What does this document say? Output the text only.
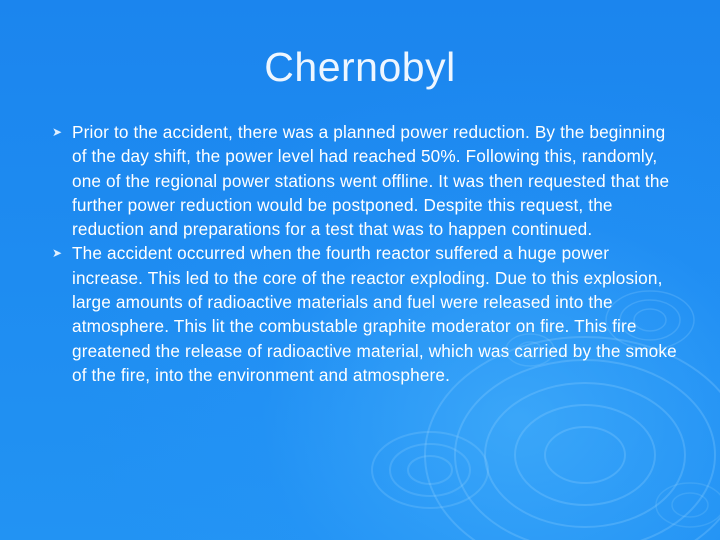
Chernobyl
➤ Prior to the accident, there was a planned power reduction. By the beginning of the day shift, the power level had reached 50%. Following this, randomly, one of the regional power stations went offline. It was then requested that the further power reduction would be postponed. Despite this request, the reduction and preparations for a test that was to happen continued.
➤ The accident occurred when the fourth reactor suffered a huge power increase. This led to the core of the reactor exploding. Due to this explosion, large amounts of radioactive materials and fuel were released into the atmosphere. This lit the combustable graphite moderator on fire. This fire greatened the release of radioactive material, which was carried by the smoke of the fire, into the environment and atmosphere.
